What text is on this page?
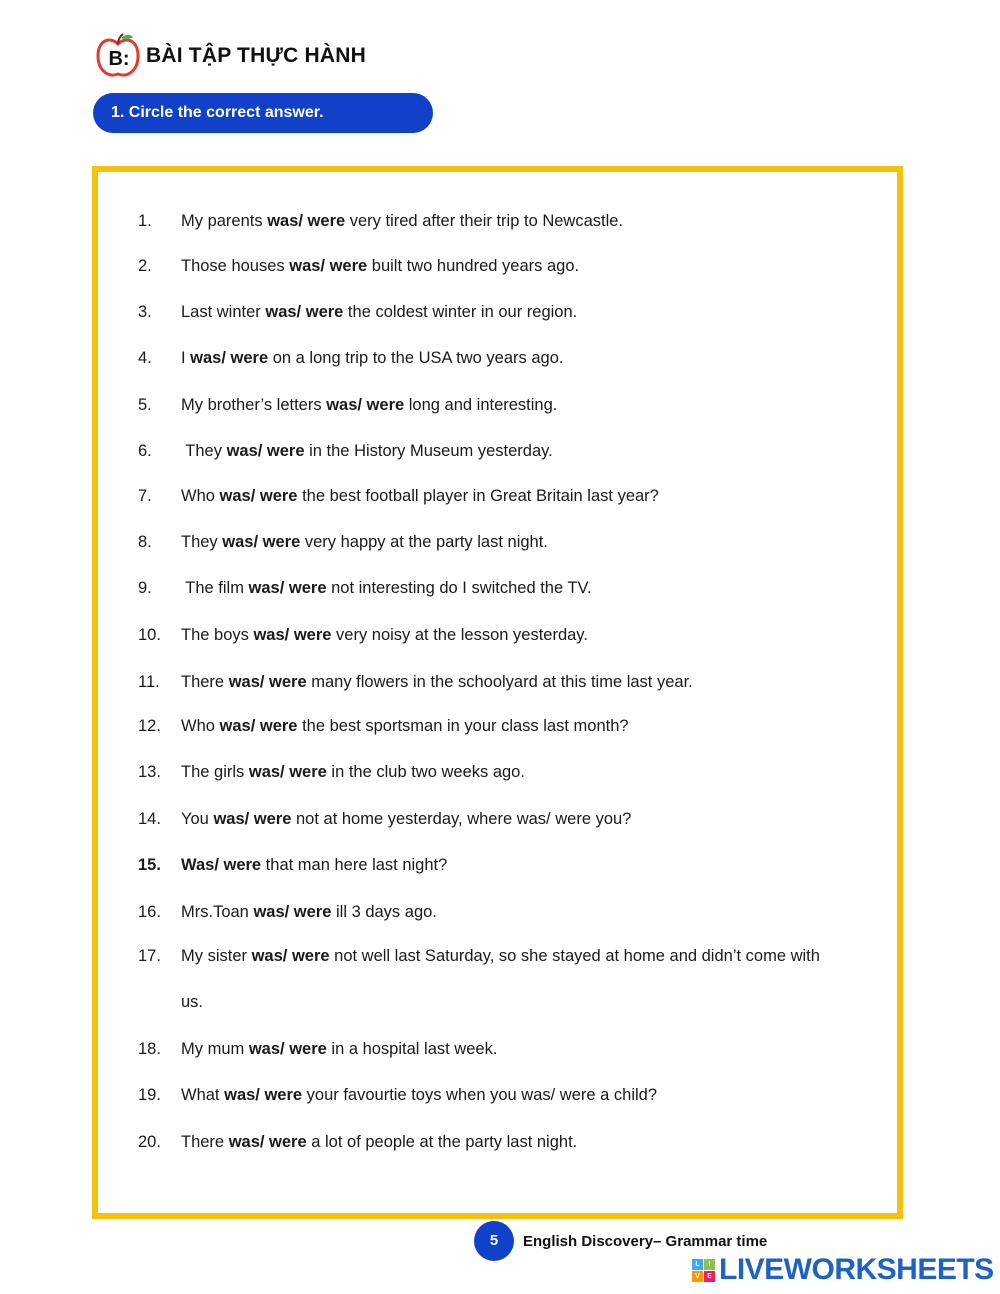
B: BÀI TẬP THỰC HÀNH
1. Circle the correct answer.
1. My parents was/ were very tired after their trip to Newcastle.
2. Those houses was/ were built two hundred years ago.
3. Last winter was/ were the coldest winter in our region.
4. I was/ were on a long trip to the USA two years ago.
5. My brother’s letters was/ were long and interesting.
6. They was/ were in the History Museum yesterday.
7. Who was/ were the best football player in Great Britain last year?
8. They was/ were very happy at the party last night.
9. The film was/ were not interesting do I switched the TV.
10. The boys was/ were very noisy at the lesson yesterday.
11. There was/ were many flowers in the schoolyard at this time last year.
12. Who was/ were the best sportsman in your class last month?
13. The girls was/ were in the club two weeks ago.
14. You was/ were not at home yesterday, where was/ were you?
15. Was/ were that man here last night?
16. Mrs.Toan was/ were ill 3 days ago.
17. My sister was/ were not well last Saturday, so she stayed at home and didn’t come with
us.
18. My mum was/ were in a hospital last week.
19. What was/ were your favourtie toys when you was/ were a child?
20. There was/ were a lot of people at the party last night.
5	English Discovery– Grammar time
L	I
V	E LIVEWORKSHEETS
